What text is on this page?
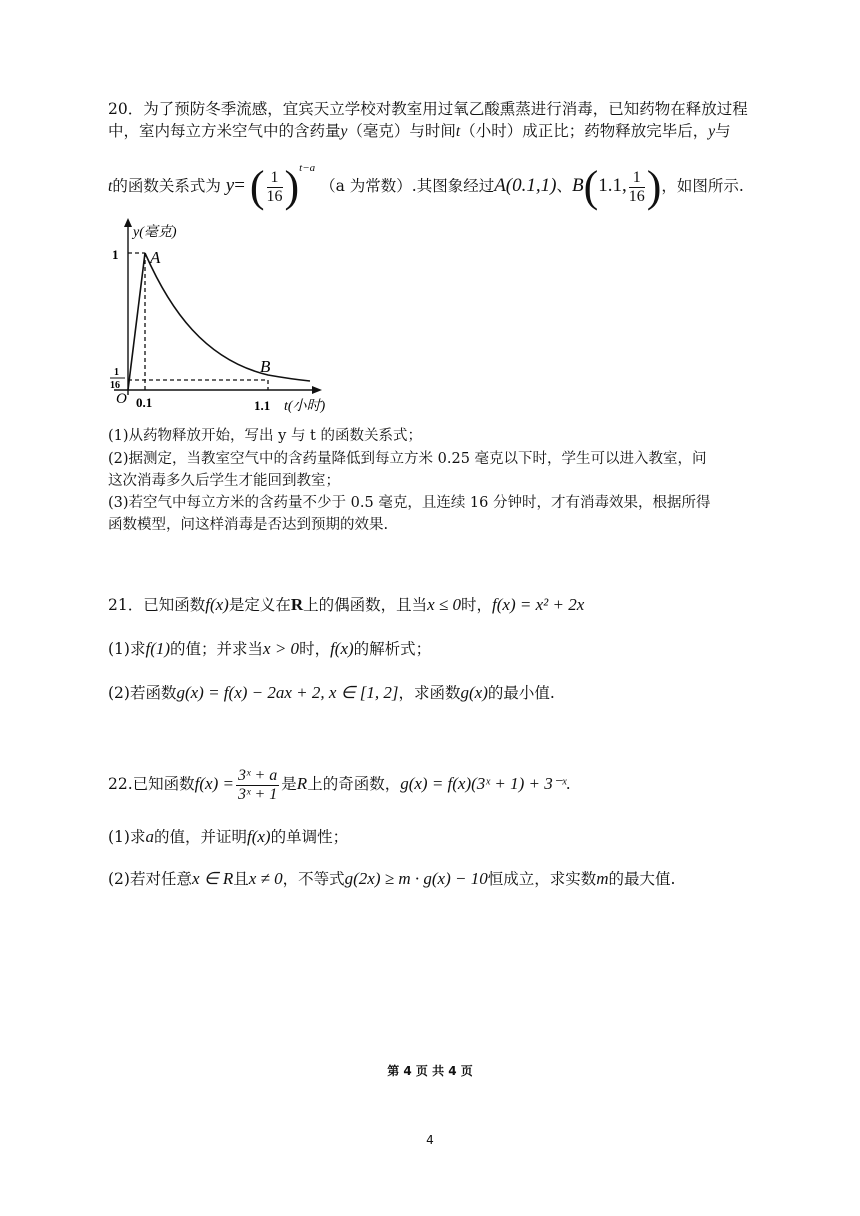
20．为了预防冬季流感，宜宾天立学校对教室用过氧乙酸熏蒸进行消毒，已知药物在释放过程
中，室内每立方米空气中的含药量y（毫克）与时间t（小时）成正比；药物释放完毕后，y与
t的函数关系式为 y= ( $\frac{1}{16} )^{t-a}$ （a 为常数）.其图象经过A(0.1,1)、B(1.1, $\frac{1}{16}$ )，如图所示.
y(毫克)
1 A
1
16
B
O 0.1	1.1 t(小时)
(1)从药物释放开始，写出 y 与 t 的函数关系式；
(2)据测定，当教室空气中的含药量降低到每立方米 0.25 毫克以下时，学生可以进入教室，问
这次消毒多久后学生才能回到教室；
(3)若空气中每立方米的含药量不少于 0.5 毫克，且连续 16 分钟时，才有消毒效果，根据所得
函数模型，问这样消毒是否达到预期的效果.
21．已知函数f(x)是定义在R上的偶函数，且当x ≤ 0时，f(x) = x² + 2x
(1)求f(1)的值；并求当x > 0时，f(x)的解析式；
(2)若函数g(x) = f(x) − 2ax + 2, x ∈ [1, 2]，求函数g(x)的最小值.
22.已知函数$f(x) = \frac{\text{3ˣ + a}}{\text{3ˣ + 1}}$ 是R上的奇函数，g(x) = f(x)(3ˣ + 1) + 3⁻ˣ.
(1)求a的值，并证明f(x)的单调性；
(2)若对任意x ∈ R且x ≠ 0，不等式g(2x) ≥ m · g(x) − 10恒成立，求实数m的最大值.
第 4 页 共 4 页
4
